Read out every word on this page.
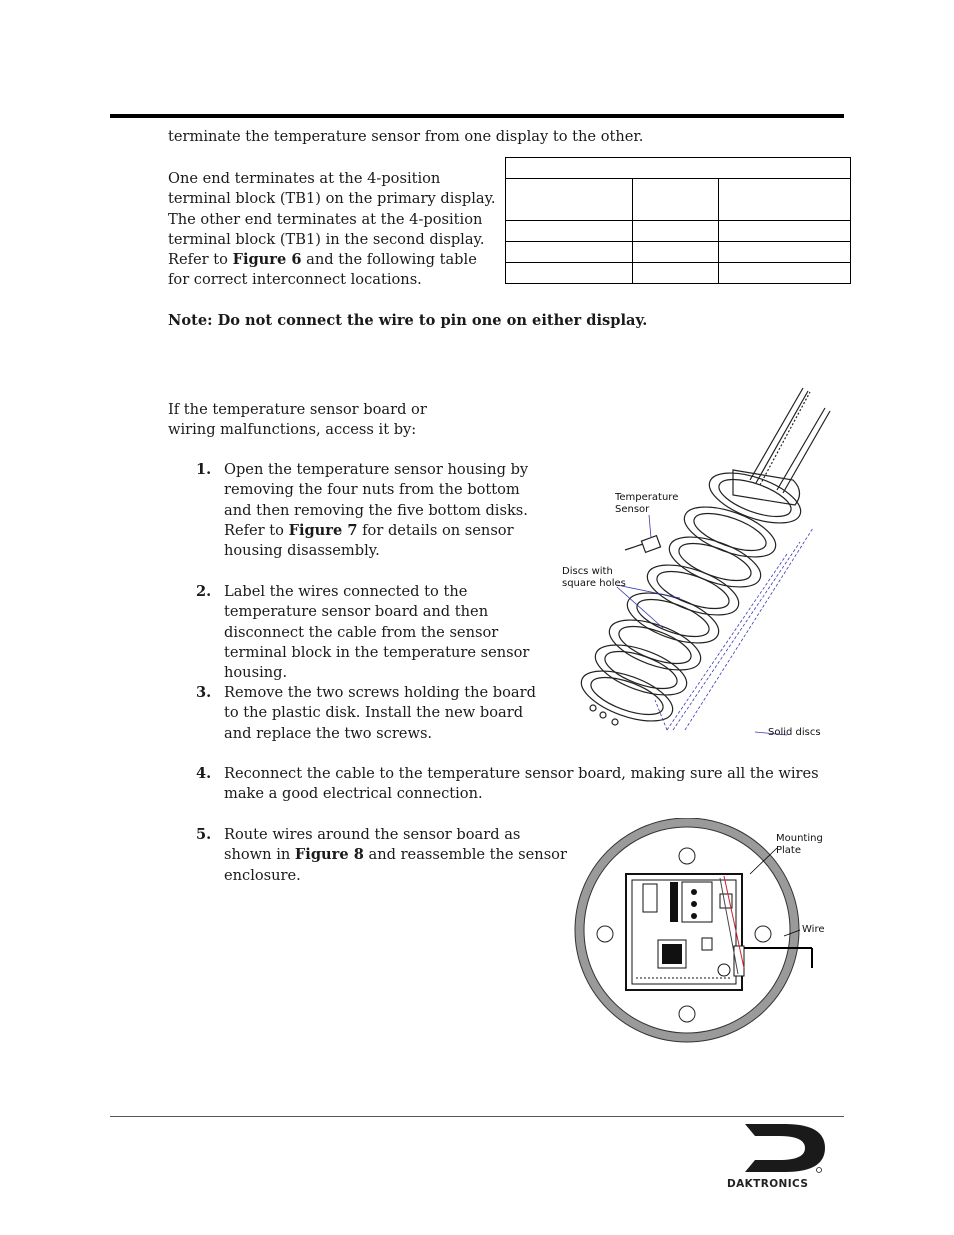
terminate the temperature sensor from one display to the other.
One end terminates at the 4-position terminal block (TB1) on the primary display. The other end terminates at the 4-position terminal block (TB1) in the second display. Refer to Figure 6 and the following table for correct interconnect locations.

Note: Do not connect the wire to pin one on either display.
If the temperature sensor board or wiring malfunctions, access it by:
1. Open the temperature sensor housing by removing the four nuts from the bottom and then removing the five bottom disks. Refer to Figure 7 for details on sensor housing disassembly.
2. Label the wires connected to the temperature sensor board and then disconnect the cable from the sensor terminal block in the temperature sensor housing.
3. Remove the two screws holding the board to the plastic disk. Install the new board and replace the two screws.
4. Reconnect the cable to the temperature sensor board, making sure all the wires make a good electrical connection.
5. Route wires around the sensor board as shown in Figure 8 and reassemble the sensor enclosure.
Temperature
Sensor
Discs with
square holes
Solid discs
Mounting
Plate
Wire
DAKTRONICS
